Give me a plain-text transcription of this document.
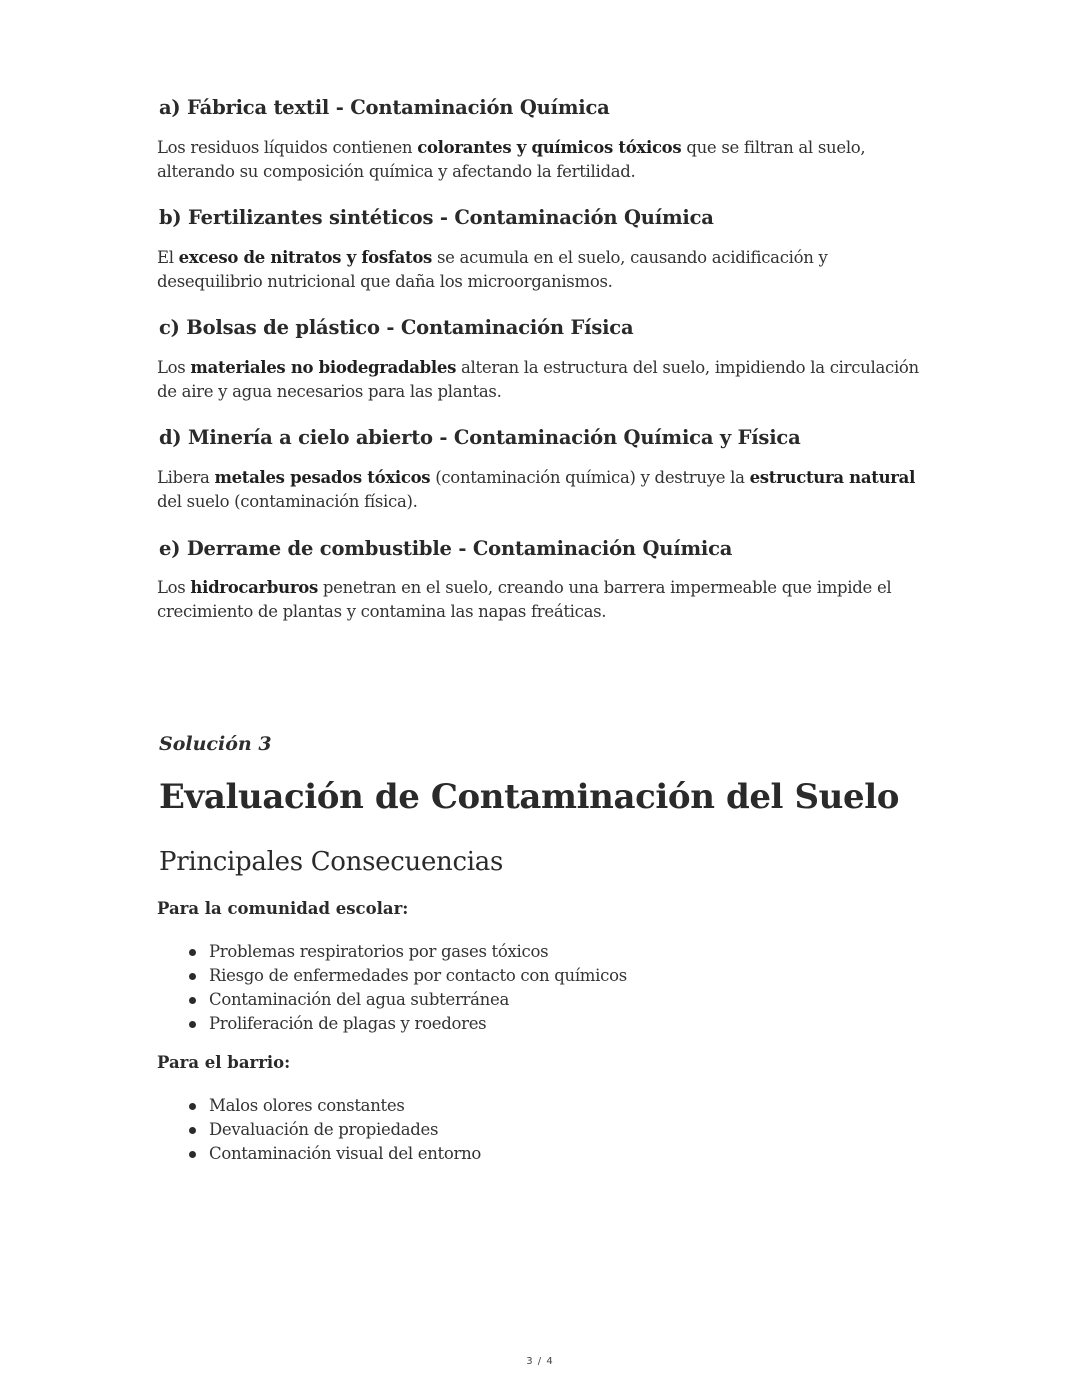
a) Fábrica textil - Contaminación Química

Los residuos líquidos contienen colorantes y químicos tóxicos que se filtran al suelo, alterando su composición química y afectando la fertilidad.

b) Fertilizantes sintéticos - Contaminación Química

El exceso de nitratos y fosfatos se acumula en el suelo, causando acidificación y desequilibrio nutricional que daña los microorganismos.

c) Bolsas de plástico - Contaminación Física

Los materiales no biodegradables alteran la estructura del suelo, impidiendo la circulación de aire y agua necesarios para las plantas.

d) Minería a cielo abierto - Contaminación Química y Física

Libera metales pesados tóxicos (contaminación química) y destruye la estructura natural del suelo (contaminación física).

e) Derrame de combustible - Contaminación Química

Los hidrocarburos penetran en el suelo, creando una barrera impermeable que impide el crecimiento de plantas y contamina las napas freáticas.

Solución 3
Evaluación de Contaminación del Suelo
Principales Consecuencias
Para la comunidad escolar:
Problemas respiratorios por gases tóxicos
Riesgo de enfermedades por contacto con químicos
Contaminación del agua subterránea
Proliferación de plagas y roedores
Para el barrio:
Malos olores constantes
Devaluación de propiedades
Contaminación visual del entorno
3 / 4
